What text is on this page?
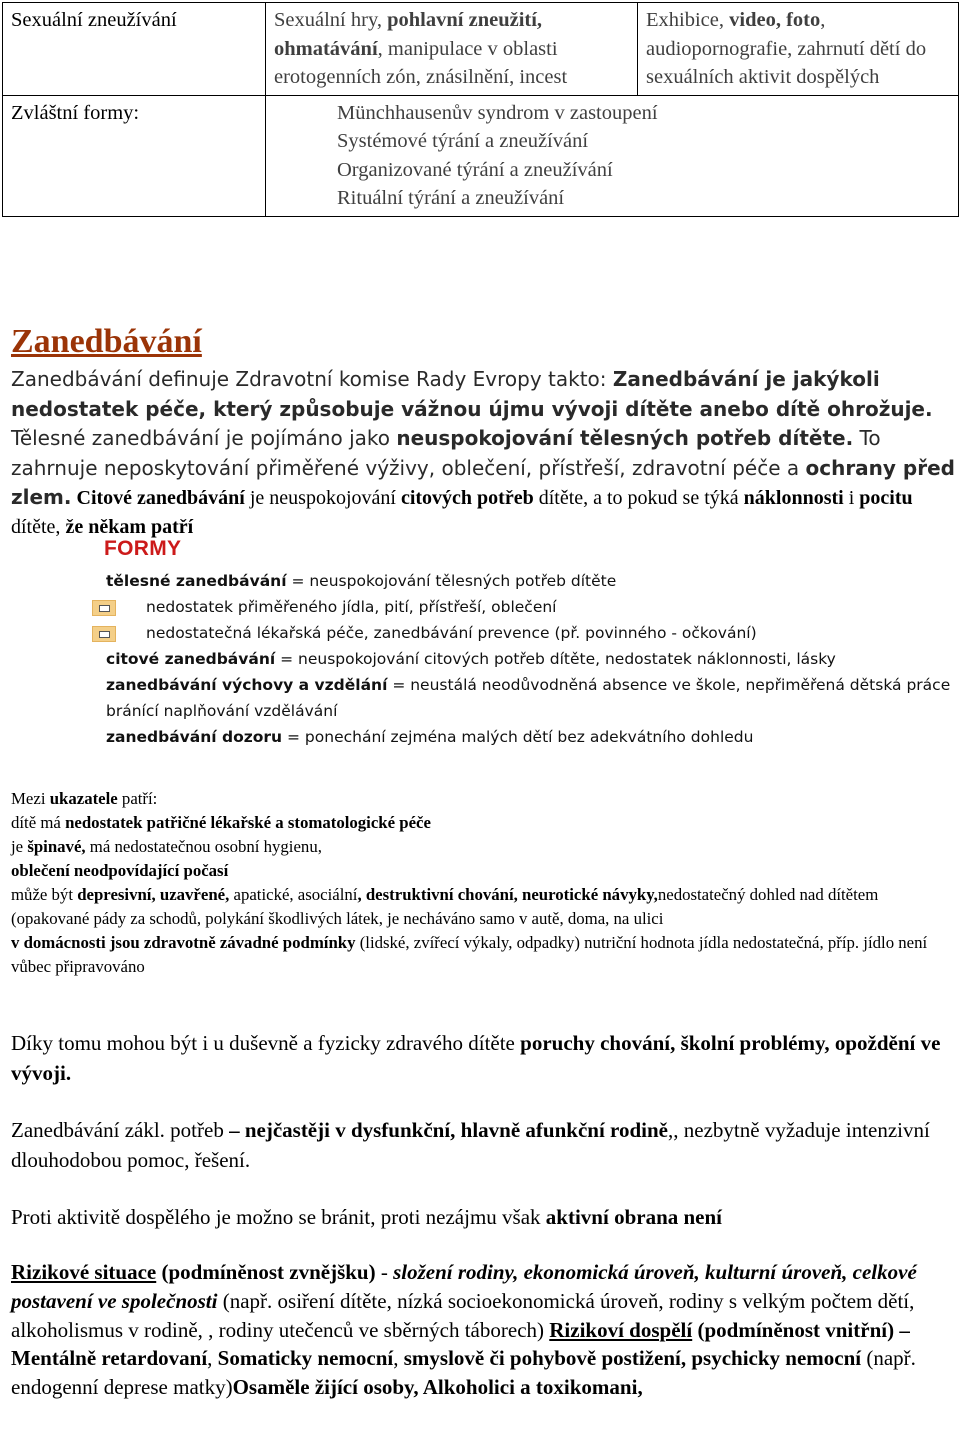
Sexuální zneužívání	Sexuální hry, pohlavní zneužití, ohmatávání, manipulace v oblasti erotogenních zón, znásilnění, incest	Exhibice, video, foto, audiopornografie, zahrnutí dětí do sexuálních aktivit dospělých
Zvláštní formy:	Münchhausenův syndrom v zastoupení
Systémové týrání a zneužívání
Organizované týrání a zneužívání
Rituální týrání a zneužívání	
Zanedbávání
Zanedbávání definuje Zdravotní komise Rady Evropy takto: Zanedbávání je jakýkoli nedostatek péče, který způsobuje vážnou újmu vývoji dítěte anebo dítě ohrožuje. Tělesné zanedbávání je pojímáno jako neuspokojování tělesných potřeb dítěte. To zahrnuje neposkytování přiměřené výživy, oblečení, přístřeší, zdravotní péče a ochrany před zlem. Citové zanedbávání je neuspokojování citových potřeb dítěte, a to pokud se týká náklonnosti i pocitu dítěte, že někam patří
FORMY
tělesné zanedbávání = neuspokojování tělesných potřeb dítěte
nedostatek přiměřeného jídla, pití, přístřeší, oblečení
nedostatečná lékařská péče, zanedbávání prevence (př. povinného - očkování)
citové zanedbávání = neuspokojování citových potřeb dítěte, nedostatek náklonnosti, lásky
zanedbávání výchovy a vzdělání = neustálá neodůvodněná absence ve škole, nepřiměřená dětská práce bránící naplňování vzdělávání
zanedbávání dozoru = ponechání zejména malých dětí bez adekvátního dohledu
Mezi ukazatele patří:
dítě má nedostatek patřičné lékařské a stomatologické péče
je špinavé, má nedostatečnou osobní hygienu,
oblečení neodpovídající počasí
může být depresivní, uzavřené, apatické, asociální, destruktivní chování, neurotické návyky,nedostatečný dohled nad dítětem (opakované pády za schodů, polykání škodlivých látek, je necháváno samo v autě, doma, na ulici
v domácnosti jsou zdravotně závadné podmínky (lidské, zvířecí výkaly, odpadky) nutriční hodnota jídla nedostatečná, příp. jídlo není vůbec připravováno
Díky tomu mohou být i u duševně a fyzicky zdravého dítěte poruchy chování, školní problémy, opoždění ve vývoji.
Zanedbávání zákl. potřeb – nejčastěji v dysfunkční, hlavně afunkční rodině,, nezbytně vyžaduje intenzivní dlouhodobou pomoc, řešení.
Proti aktivitě dospělého je možno se bránit, proti nezájmu však aktivní obrana není
Rizikové situace (podmíněnost zvnějšku) - složení rodiny, ekonomická úroveň, kulturní úroveň, celkové postavení ve společnosti (např. osiření dítěte, nízká socioekonomická úroveň, rodiny s velkým počtem dětí, alkoholismus v rodině, , rodiny utečenců ve sběrných táborech) Rizikoví dospělí (podmíněnost vnitřní) – Mentálně retardovaní, Somaticky nemocní, smyslově či pohybově postižení, psychicky nemocní (např. endogenní deprese matky)Osaměle žijící osoby, Alkoholici a toxikomani,
